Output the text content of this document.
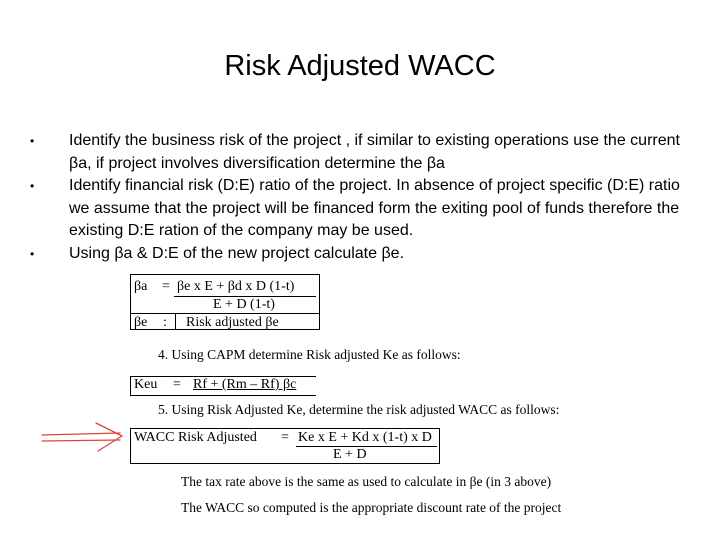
Risk Adjusted WACC
• Identify the business risk of the project , if similar to existing operations use the current βa, if project involves diversification determine the βa
• Identify financial risk (D:E) ratio of the project. In absence of project specific (D:E) ratio we assume that the project will be financed form the exiting pool of funds therefore the existing D:E ration of the company may be used.
• Using βa & D:E of the new project calculate βe.
βa = βe x E + βd x D (1-t)
E + D (1-t)
βe : Risk adjusted βe
4. Using CAPM determine Risk adjusted Ke as follows:
Keu = Rf + (Rm – Rf) βc
5. Using Risk Adjusted Ke, determine the risk adjusted WACC as follows:
WACC Risk Adjusted = Ke x E + Kd x (1-t) x D
E + D
The tax rate above is the same as used to calculate in βe (in 3 above)
The WACC so computed is the appropriate discount rate of the project
